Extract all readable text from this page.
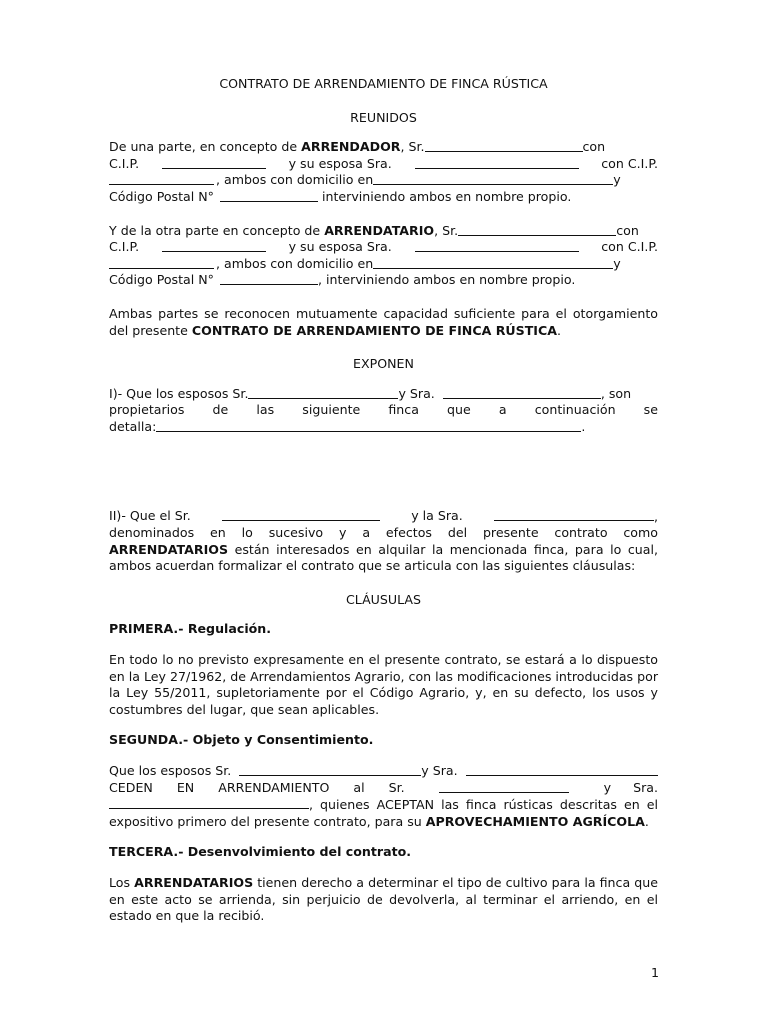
CONTRATO DE ARRENDAMIENTO DE FINCA RÚSTICA

REUNIDOS

De una parte, en concepto de ARRENDADOR , Sr.	con
C.I.P.	y su esposa Sra.	con C.I.P.
, ambos con domicilio en	y
Código Postal N°	interviniendo ambos en nombre propio.
Y de la otra parte en concepto de ARRENDATARIO , Sr.	con
C.I.P.	y su esposa Sra.	con C.I.P.
, ambos con domicilio en	y
Código Postal N°	, interviniendo ambos en nombre propio.

Ambas partes se reconocen mutuamente capacidad suficiente para el otorgamiento del presente CONTRATO DE ARRENDAMIENTO DE FINCA RÚSTICA.

EXPONEN

I)- Que los esposos Sr.	y Sra.	, son

propietarios de las siguiente finca que a continuación se

detalla:	.
II)- Que el Sr.	y la Sra.	,

denominados en lo sucesivo y a efectos del presente contrato como ARRENDATARIOS están interesados en alquilar la mencionada finca, para lo cual, ambos acuerdan formalizar el contrato que se articula con las siguientes cláusulas:

CLÁUSULAS

PRIMERA.- Regulación.

En todo lo no previsto expresamente en el presente contrato, se estará a lo dispuesto en la Ley 27/1962, de Arrendamientos Agrario, con las modificaciones introducidas por la Ley 55/2011, supletoriamente por el Código Agrario, y, en su defecto, los usos y costumbres del lugar, que sean aplicables.

SEGUNDA.- Objeto y Consentimiento.

Que los esposos Sr.	y Sra.
CEDEN EN ARRENDAMIENTO al Sr.	y Sra.

, quienes ACEPTAN las finca rústicas descritas en el expositivo primero del presente contrato, para su APROVECHAMIENTO AGRÍCOLA.

TERCERA.- Desenvolvimiento del contrato.

Los ARRENDATARIOS tienen derecho a determinar el tipo de cultivo para la finca que en este acto se arrienda, sin perjuicio de devolverla, al terminar el arriendo, en el estado en que la recibió.

1
